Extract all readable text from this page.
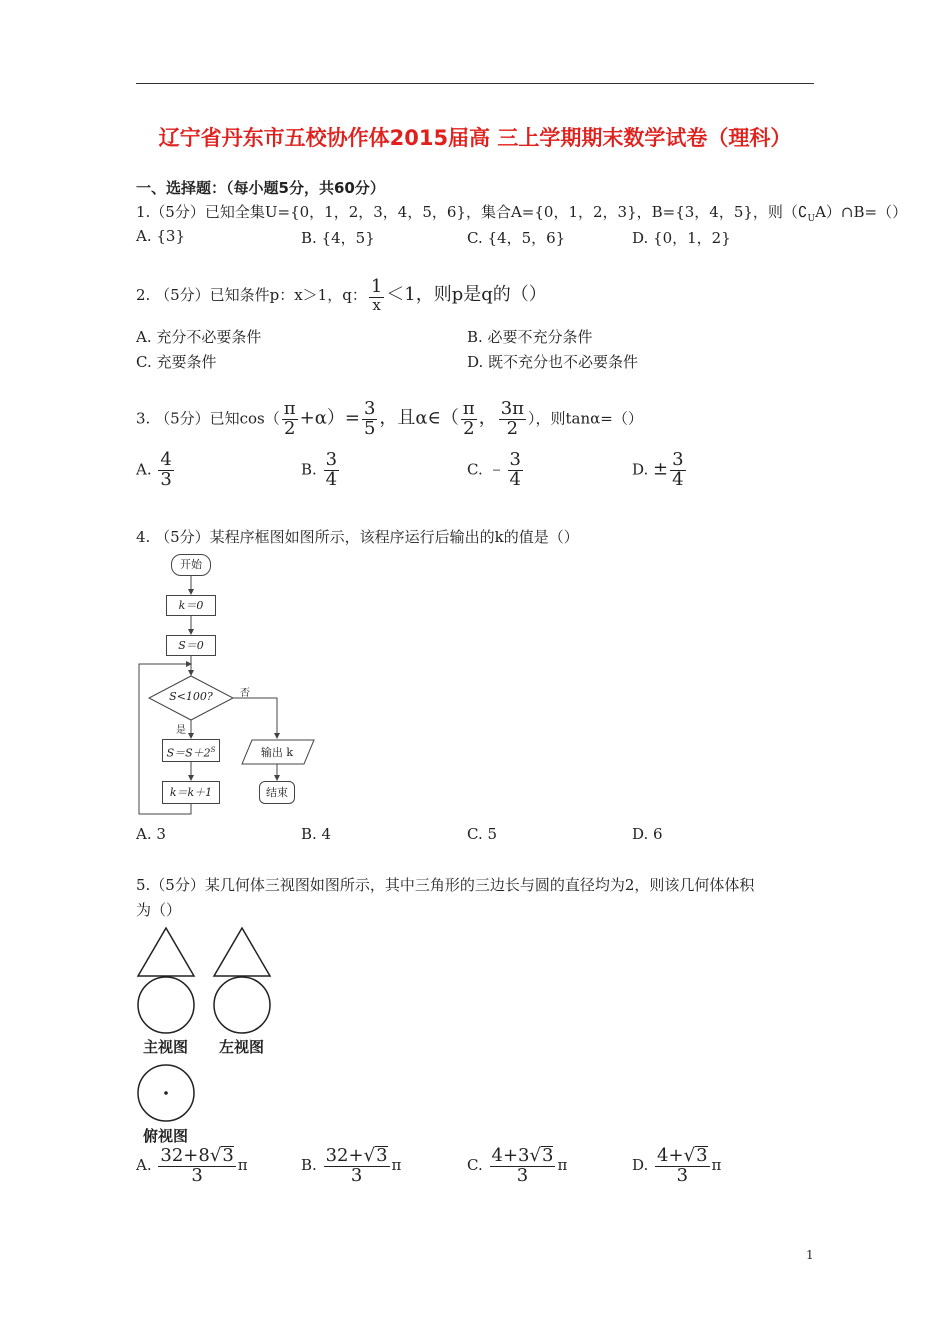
辽宁省丹东市五校协作体2015届高 三上学期期末数学试卷（理科）
一、选择题：（每小题5分，共60分）
1.（5分）已知全集U={0，1，2，3，4，5，6}，集合A={0，1，2，3}，B={3，4，5}，则$(∁_UA)\cap B=()$
A. {3}	B. {4，5}	C. {4，5，6}	D. {0，1，2}
2. （5分）已知条件p：x＞1，q： $\frac{1}{x} <1$，则p是q的（）
A. 充分不必要条件	B. 必要不充分条件
C. 充要条件	D. 既不充分也不必要条件
3. （5分）已知$\cos( \frac{\pi}{2} +\alpha)= \frac{3}{5}$ ，且α∈（ $\frac{\pi}{2}$ ， $\frac{3\pi}{2}$ ），则tanα=（）
A. $\frac{4}{3}$	B. $\frac{3}{4}$	C. ﹣ $\frac{3}{4}$	D. ± $\frac{3}{4}$
4. （5分）某程序框图如图所示，该程序运行后输出的k的值是（）
开始
k＝0
S＝0
S<100?	否
是
$S=S+2^S$	输出 k
k＝k＋1	结束
A. 3	B. 4	C. 5	D. 6
5.（5分）某几何体三视图如图所示，其中三角形的三边长与圆的直径均为2，则该几何体体积
为（）
主视图 左视图
俯视图
A. $\frac{32+8√3}{3}$ π	B. $\frac{32+√3}{3}$ π	C. $\frac{4+3√3}{3}$ π	D. $\frac{4+√3}{3}$ π
1
